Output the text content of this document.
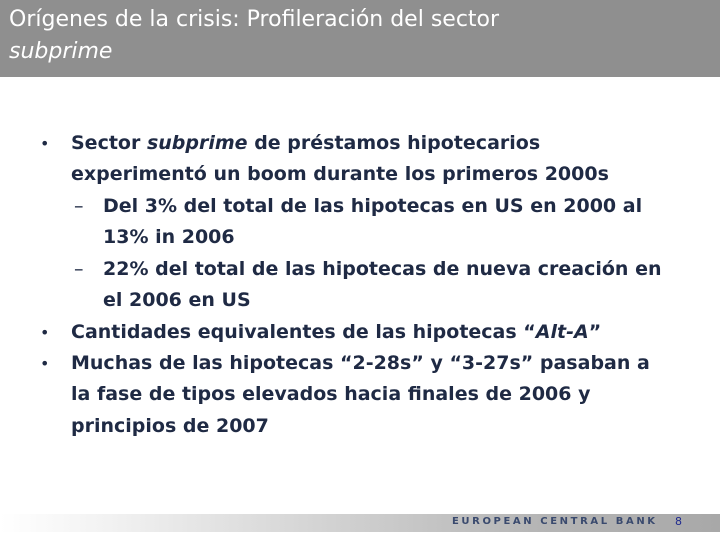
Orígenes de la crisis: Profileración del sector
subprime
• Sector subprime de préstamos hipotecarios
experimentó un boom durante los primeros 2000s
– Del 3% del total de las hipotecas en US en 2000 al
13% in 2006
– 22% del total de las hipotecas de nueva creación en
el 2006 en US
• Cantidades equivalentes de las hipotecas “Alt-A”
• Muchas de las hipotecas “2-28s” y “3-27s” pasaban a
la fase de tipos elevados hacia finales de 2006 y
principios de 2007
EUROPEAN CENTRAL BANK 8
